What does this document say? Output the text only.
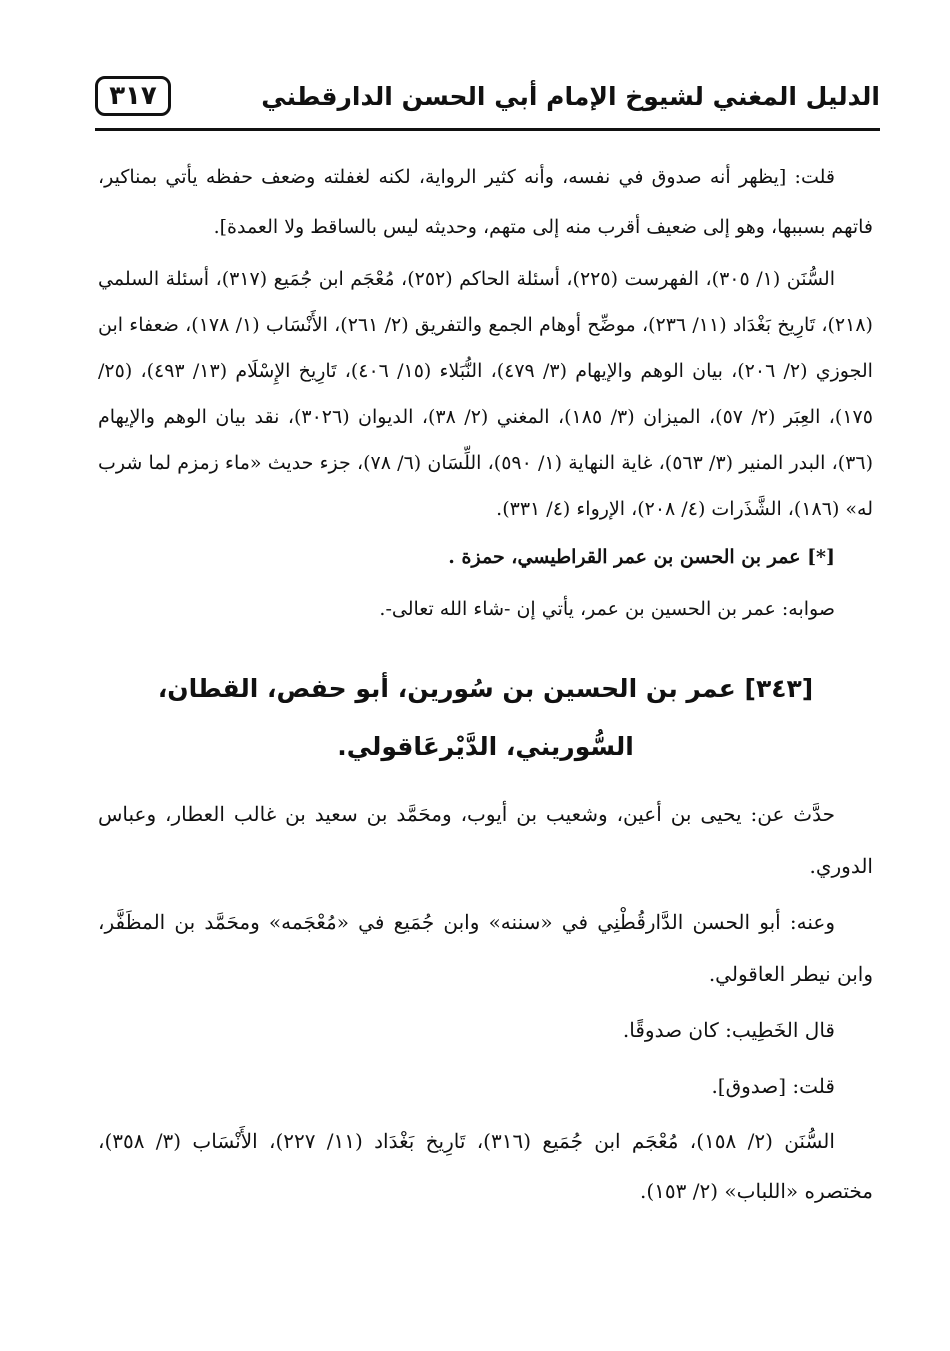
الدليل المغني لشيوخ الإمام أبي الحسن الدارقطني
٣١٧

قلت: [يظهر أنه صدوق في نفسه، وأنه كثير الرواية، لكنه لغفلته وضعف حفظه يأتي بمناكير، فاتهم بسببها، وهو إلى ضعيف أقرب منه إلى متهم، وحديثه ليس بالساقط ولا العمدة].

السُّنَن (١/ ٣٠٥)، الفهرست (٢٢٥)، أسئلة الحاكم (٢٥٢)، مُعْجَم ابن جُمَيع (٣١٧)، أسئلة السلمي (٢١٨)، تَارِيخ بَغْدَاد (١١/ ٢٣٦)، موضِّح أوهام الجمع والتفريق (٢/ ٢٦١)، الأَنْسَاب (١/ ١٧٨)، ضعفاء ابن الجوزي (٢/ ٢٠٦)، بيان الوهم والإيهام (٣/ ٤٧٩)، النُّبَلاء (١٥/ ٤٠٦)، تَارِيخ الإِسْلَام (١٣/ ٤٩٣)، (٢٥/ ١٧٥)، العِبَر (٢/ ٥٧)، الميزان (٣/ ١٨٥)، المغني (٢/ ٣٨)، الديوان (٣٠٢٦)، نقد بيان الوهم والإيهام (٣٦)، البدر المنير (٣/ ٥٦٣)، غاية النهاية (١/ ٥٩٠)، اللِّسَان (٦/ ٧٨)، جزء حديث «ماء زمزم لما شرب له» (١٨٦)، الشَّذَرات (٤/ ٢٠٨)، الإرواء (٤/ ٣٣١).

[*] عمر بن الحسن بن عمر القراطيسي، حمزة .

صوابه: عمر بن الحسين بن عمر، يأتي إن -شاء الله تعالى-.

[٣٤٣] عمر بن الحسين بن سُورين، أبو حفص، القطان، السُّوريني، الدَّيْرعَاقولي.

حدَّث عن: يحيى بن أعين، وشعيب بن أيوب، ومحَمَّد بن سعيد بن غالب العطار، وعباس الدوري.

وعنه: أبو الحسن الدَّارقُطْنِي في «سننه» وابن جُمَيع في «مُعْجَمه» ومحَمَّد بن المظَفَّر، وابن نيطر العاقولي.

قال الخَطِيب: كان صدوقًا.

قلت: [صدوق].

السُّنَن (٢/ ١٥٨)، مُعْجَم ابن جُمَيع (٣١٦)، تَارِيخ بَغْدَاد (١١/ ٢٢٧)، الأَنْسَاب (٣/ ٣٥٨)، مختصره «اللباب» (٢/ ١٥٣).
